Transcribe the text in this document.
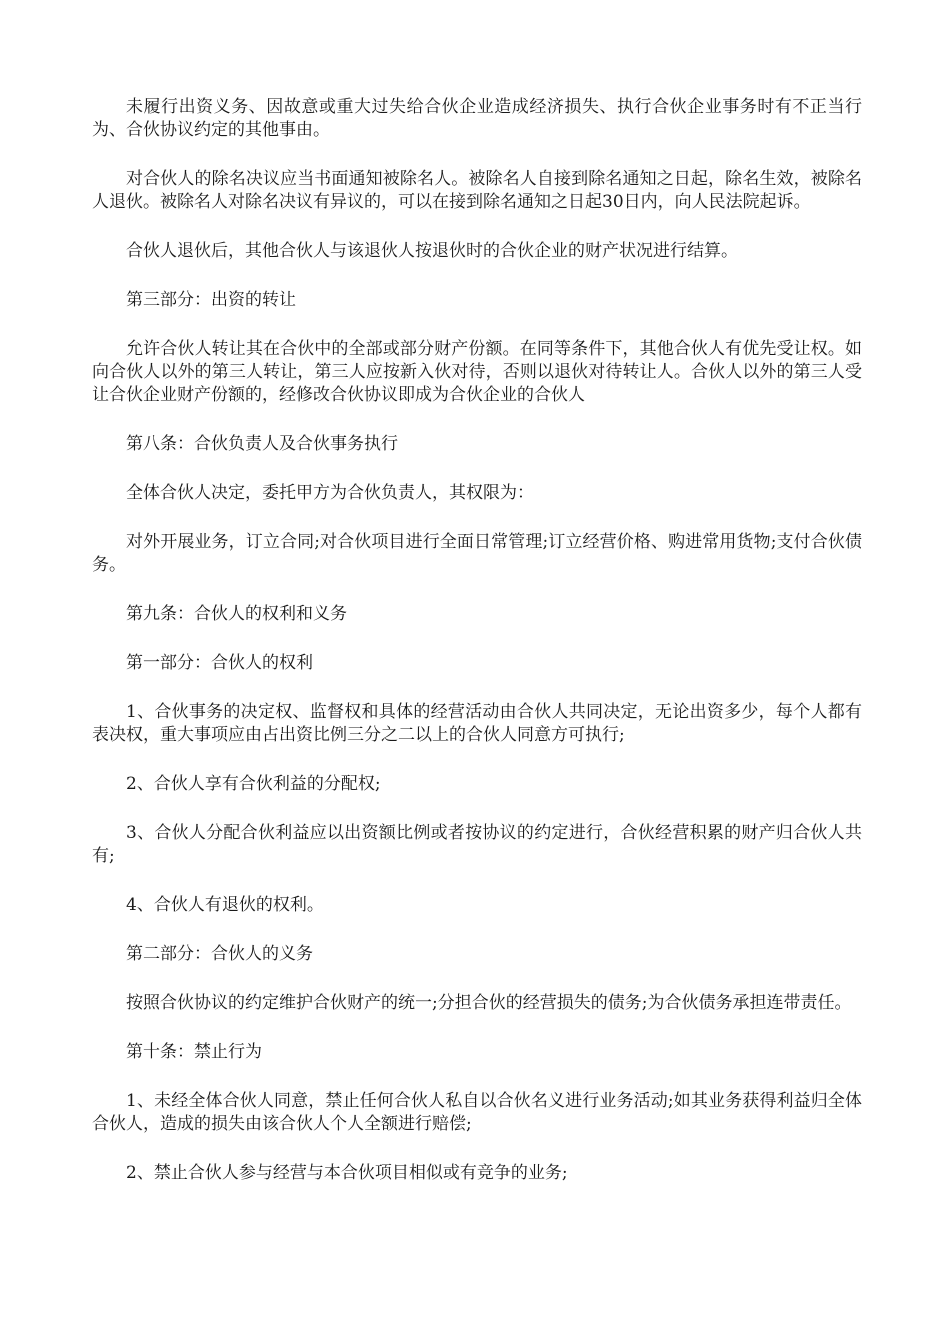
未履行出资义务、因故意或重大过失给合伙企业造成经济损失、执行合伙企业事务时有不正当行为、合伙协议约定的其他事由。

对合伙人的除名决议应当书面通知被除名人。被除名人自接到除名通知之日起，除名生效，被除名人退伙。被除名人对除名决议有异议的，可以在接到除名通知之日起30日内，向人民法院起诉。

合伙人退伙后，其他合伙人与该退伙人按退伙时的合伙企业的财产状况进行结算。

第三部分：出资的转让

允许合伙人转让其在合伙中的全部或部分财产份额。在同等条件下，其他合伙人有优先受让权。如向合伙人以外的第三人转让，第三人应按新入伙对待，否则以退伙对待转让人。合伙人以外的第三人受让合伙企业财产份额的，经修改合伙协议即成为合伙企业的合伙人

第八条：合伙负责人及合伙事务执行

全体合伙人决定，委托甲方为合伙负责人，其权限为：

对外开展业务，订立合同;对合伙项目进行全面日常管理;订立经营价格、购进常用货物;支付合伙债务。

第九条：合伙人的权利和义务

第一部分：合伙人的权利

1、合伙事务的决定权、监督权和具体的经营活动由合伙人共同决定，无论出资多少，每个人都有表决权，重大事项应由占出资比例三分之二以上的合伙人同意方可执行;

2、合伙人享有合伙利益的分配权;

3、合伙人分配合伙利益应以出资额比例或者按协议的约定进行，合伙经营积累的财产归合伙人共有;

4、合伙人有退伙的权利。

第二部分：合伙人的义务

按照合伙协议的约定维护合伙财产的统一;分担合伙的经营损失的债务;为合伙债务承担连带责任。

第十条：禁止行为

1、未经全体合伙人同意，禁止任何合伙人私自以合伙名义进行业务活动;如其业务获得利益归全体合伙人，造成的损失由该合伙人个人全额进行赔偿;

2、禁止合伙人参与经营与本合伙项目相似或有竞争的业务;
